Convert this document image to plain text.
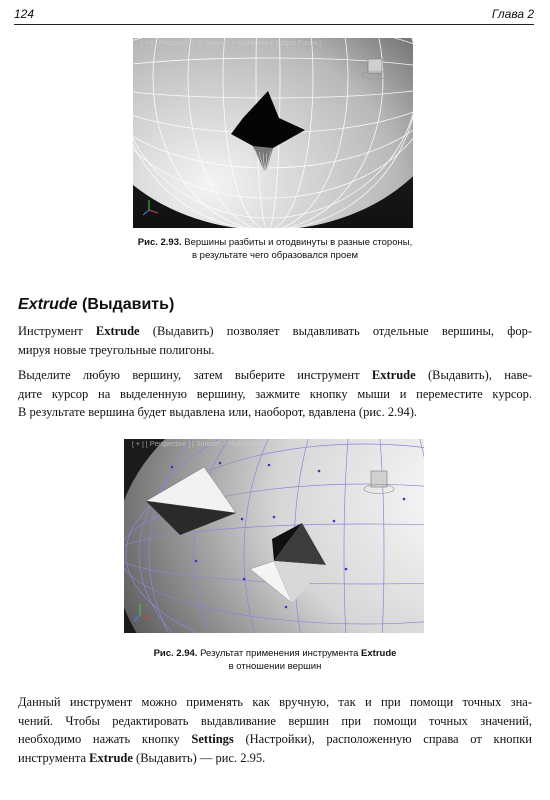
124	Глава 2
[ + ] [ Perspective ] [ Smooth + Highlights + Edged Faces ]
Рис. 2.93. Вершины разбиты и отодвинуты в разные стороны,
в результате чего образовался проем
Extrude (Выдавить)
Инструмент Extrude (Выдавить) позволяет выдавливать отдельные вершины, фор-
мируя новые треугольные полигоны.
Выделите любую вершину, затем выберите инструмент Extrude (Выдавить), наве-
дите курсор на выделенную вершину, зажмите кнопку мыши и переместите курсор.
В результате вершина будет выдавлена или, наоборот, вдавлена (рис. 2.94).
[ + ] [ Perspective ] [ Smooth + Highlights + Edged Faces ]
Рис. 2.94. Результат применения инструмента Extrude
в отношении вершин
Данный инструмент можно применять как вручную, так и при помощи точных зна-
чений. Чтобы редактировать выдавливание вершин при помощи точных значений,
необходимо нажать кнопку Settings (Настройки), расположенную справа от кнопки
инструмента Extrude (Выдавить) — рис. 2.95.
